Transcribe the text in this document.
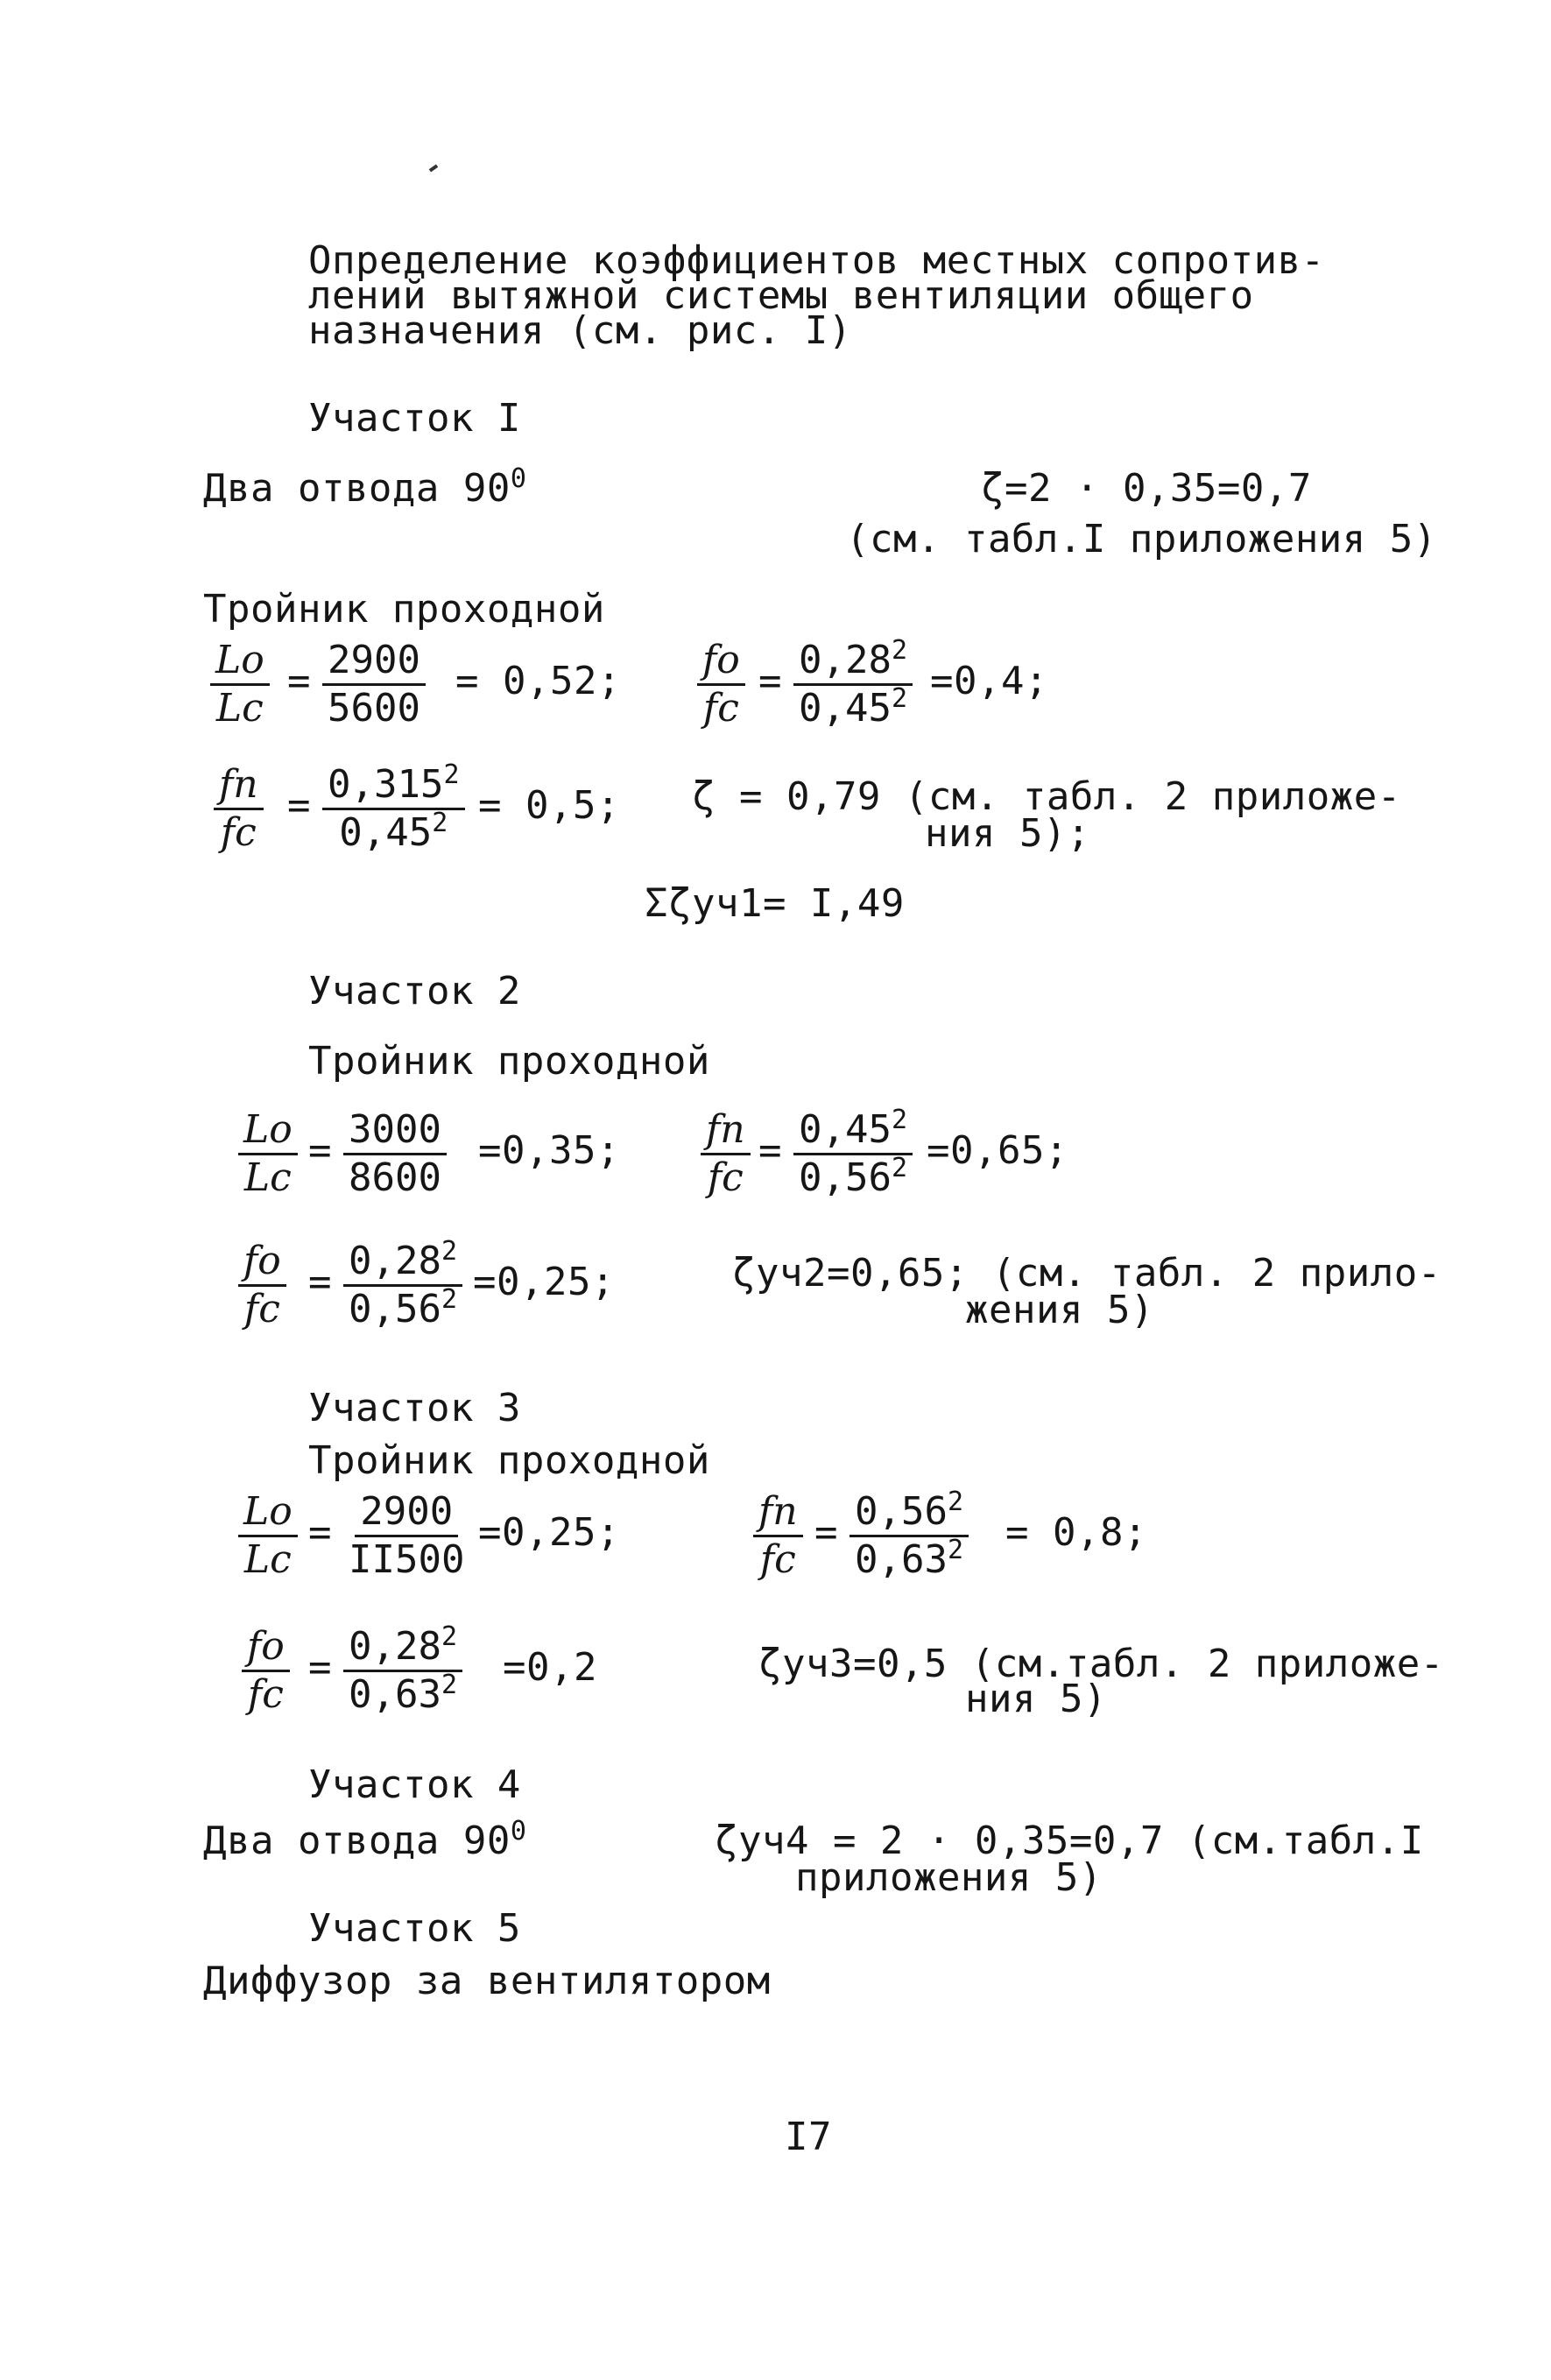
Определение коэффициентов местных сопротив-
лений вытяжной системы вентиляции общего
назначения (см. рис. I)
Участок I
Два отвода $90^0$	ζ=2 · 0,35=0,7
(см. табл.I приложения 5)
Тройник проходной
$\frac{Lo}{Lc} = \frac{2900}{5600} = 0,52$; $\frac{fo}{fc} = \frac{0,28^2}{0,45^2} =0,4$;
fп
fc
= $\frac{0,315^2}{0,45^2} = 0,5$; ζ = 0,79 (см. табл. 2 приложе-
ния 5);
Σζуч1= I,49
Участок 2
Тройник проходной
$\frac{Lo}{Lc} = \frac{3000}{8600} =0,35$; fп
fc
= $\frac{0,45^2}{0,56^2} =0,65$;
$\frac{fo}{fc} = \frac{0,28^2}{0,56^2} =0,25$;	ζуч2=0,65; (см. табл. 2 прило-
жения 5)
Участок 3
Тройник проходной
$\frac{Lo}{Lc} = \frac{2900}{II500} =0,25$;	fп
fc
= $\frac{0,56^2}{0,63^2} = 0,8$;
$\frac{fo}{fc} = \frac{0,28^2}{0,63^2} =0,2$	ζуч3=0,5 (см.табл. 2 приложе-
ния 5)
Участок 4
Два отвода $90^0$	ζуч4 = 2 · 0,35=0,7 (см.табл.I
приложения 5)
Участок 5
Диффузор за вентилятором
I7
